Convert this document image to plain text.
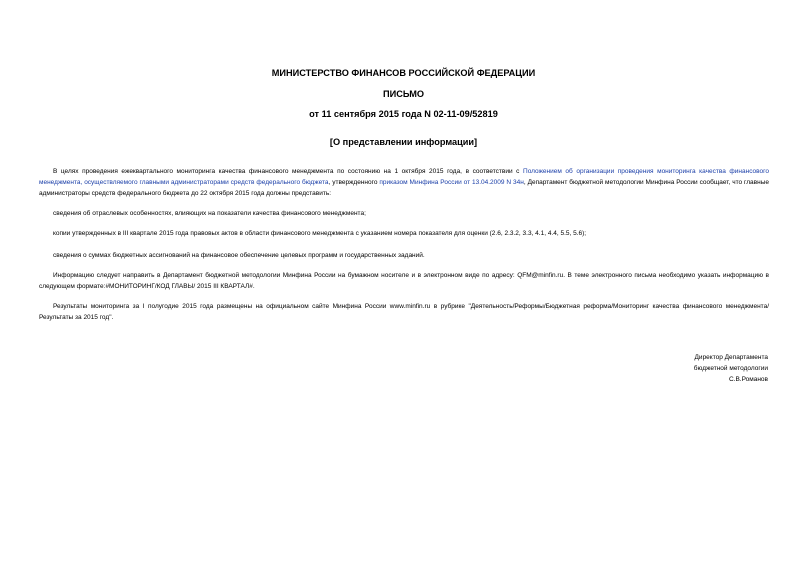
МИНИСТЕРСТВО ФИНАНСОВ РОССИЙСКОЙ ФЕДЕРАЦИИ
ПИСЬМО
от 11 сентября 2015 года N 02-11-09/52819
[О представлении информации]
В целях проведения ежеквартального мониторинга качества финансового менеджмента по состоянию на 1 октября 2015 года, в соответствии с Положением об организации проведения мониторинга качества финансового менеджмента, осуществляемого главными администраторами средств федерального бюджета, утвержденного приказом Минфина России от 13.04.2009 N 34н, Департамент бюджетной методологии Минфина России сообщает, что главные администраторы средств федерального бюджета до 22 октября 2015 года должны представить:
сведения об отраслевых особенностях, влияющих на показатели качества финансового менеджмента;
копии утвержденных в III квартале 2015 года правовых актов в области финансового менеджмента с указанием номера показателя для оценки (2.6, 2.3.2, 3.3, 4.1, 4.4, 5.5, 5.6);
сведения о суммах бюджетных ассигнований на финансовое обеспечение целевых программ и государственных заданий.
Информацию следует направить в Департамент бюджетной методологии Минфина России на бумажном носителе и в электронном виде по адресу: QFM@minfin.ru. В теме электронного письма необходимо указать информацию в следующем формате:#МОНИТОРИНГ/КОД ГЛАВЫ/ 2015 III КВАРТАЛ#.
Результаты мониторинга за I полугодие 2015 года размещены на официальном сайте Минфина России www.minfin.ru в рубрике "Деятельность/Реформы/Бюджетная реформа/Мониторинг качества финансового менеджмента/Результаты за 2015 год".
Директор Департамента
бюджетной методологии
С.В.Романов
